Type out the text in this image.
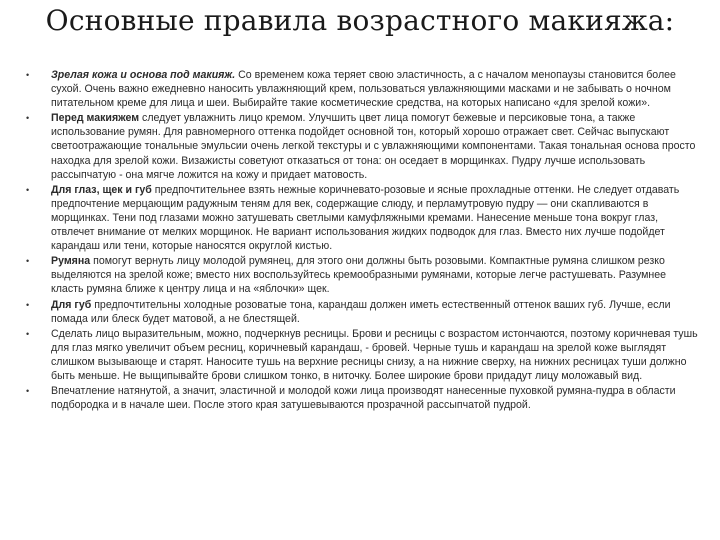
Основные правила возрастного макияжа:
• Зрелая кожа и основа под макияж. Со временем кожа теряет свою эластичность, а с началом менопаузы становится более сухой. Очень важно ежедневно наносить увлажняющий крем, пользоваться увлажняющими масками и не забывать о ночном питательном креме для лица и шеи. Выбирайте такие косметические средства, на которых написано «для зрелой кожи».
• Перед макияжем следует увлажнить лицо кремом. Улучшить цвет лица помогут бежевые и персиковые тона, а также использование румян. Для равномерного оттенка подойдет основной тон, который хорошо отражает свет. Сейчас выпускают светоотражающие тональные эмульсии очень легкой текстуры и с увлажняющими компонентами. Такая тональная основа просто находка для зрелой кожи. Визажисты советуют отказаться от тона: он оседает в морщинках. Пудру лучше использовать рассыпчатую - она мягче ложится на кожу и придает матовость.
• Для глаз, щек и губ предпочтительнее взять нежные коричневато-розовые и ясные прохладные оттенки. Не следует отдавать предпочтение мерцающим радужным теням для век, содержащие слюду, и перламутровую пудру — они скапливаются в морщинках. Тени под глазами можно затушевать светлыми камуфляжными кремами. Нанесение меньше тона вокруг глаз, отвлечет внимание от мелких морщинок. Не вариант использования жидких подводок для глаз. Вместо них лучше подойдет карандаш или тени, которые наносятся округлой кистью.
• Румяна помогут вернуть лицу молодой румянец, для этого они должны быть розовыми. Компактные румяна слишком резко выделяются на зрелой коже; вместо них воспользуйтесь кремообразными румянами, которые легче растушевать. Разумнее класть румяна ближе к центру лица и на «яблочки» щек.
• Для губ предпочтительны холодные розоватые тона, карандаш должен иметь естественный оттенок ваших губ. Лучше, если помада или блеск будет матовой, а не блестящей.
• Сделать лицо выразительным, можно, подчеркнув ресницы. Брови и ресницы с возрастом истончаются, поэтому коричневая тушь для глаз мягко увеличит объем ресниц, коричневый карандаш, - бровей. Черные тушь и карандаш на зрелой коже выглядят слишком вызывающе и старят. Наносите тушь на верхние ресницы снизу, а на нижние сверху, на нижних ресницах туши должно быть меньше. Не выщипывайте брови слишком тонко, в ниточку. Более широкие брови придадут лицу моложавый вид.
• Впечатление натянутой, а значит, эластичной и молодой кожи лица производят нанесенные пуховкой румяна-пудра в области подбородка и в начале шеи. После этого края затушевываются прозрачной рассыпчатой пудрой.
